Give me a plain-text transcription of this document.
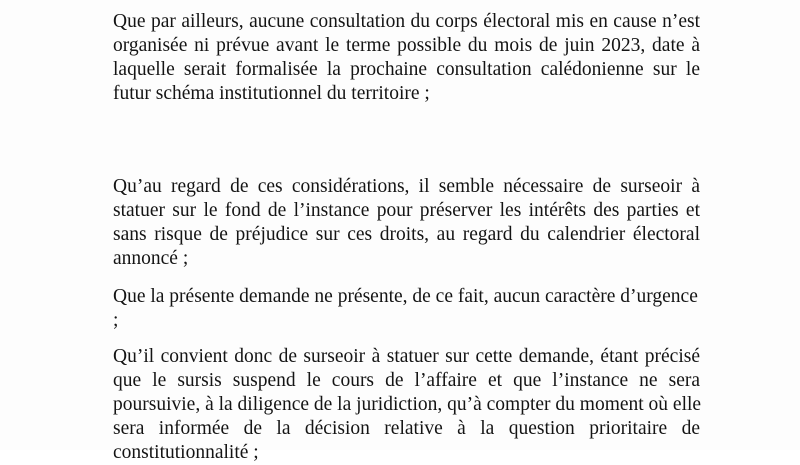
Que par ailleurs, aucune consultation du corps électoral mis en cause n’est
organisée ni prévue avant le terme possible du mois de juin 2023, date à
laquelle serait formalisée la prochaine consultation calédonienne sur le
futur schéma institutionnel du territoire ;

Qu’au regard de ces considérations, il semble nécessaire de surseoir à
statuer sur le fond de l’instance pour préserver les intérêts des parties et
sans risque de préjudice sur ces droits, au regard du calendrier électoral
annoncé ;

Que la présente demande ne présente, de ce fait, aucun caractère d’urgence
;

Qu’il convient donc de surseoir à statuer sur cette demande, étant précisé
que le sursis suspend le cours de l’affaire et que l’instance ne sera
poursuivie, à la diligence de la juridiction, qu’à compter du moment où elle
sera informée de la décision relative à la question prioritaire de
constitutionnalité ;
